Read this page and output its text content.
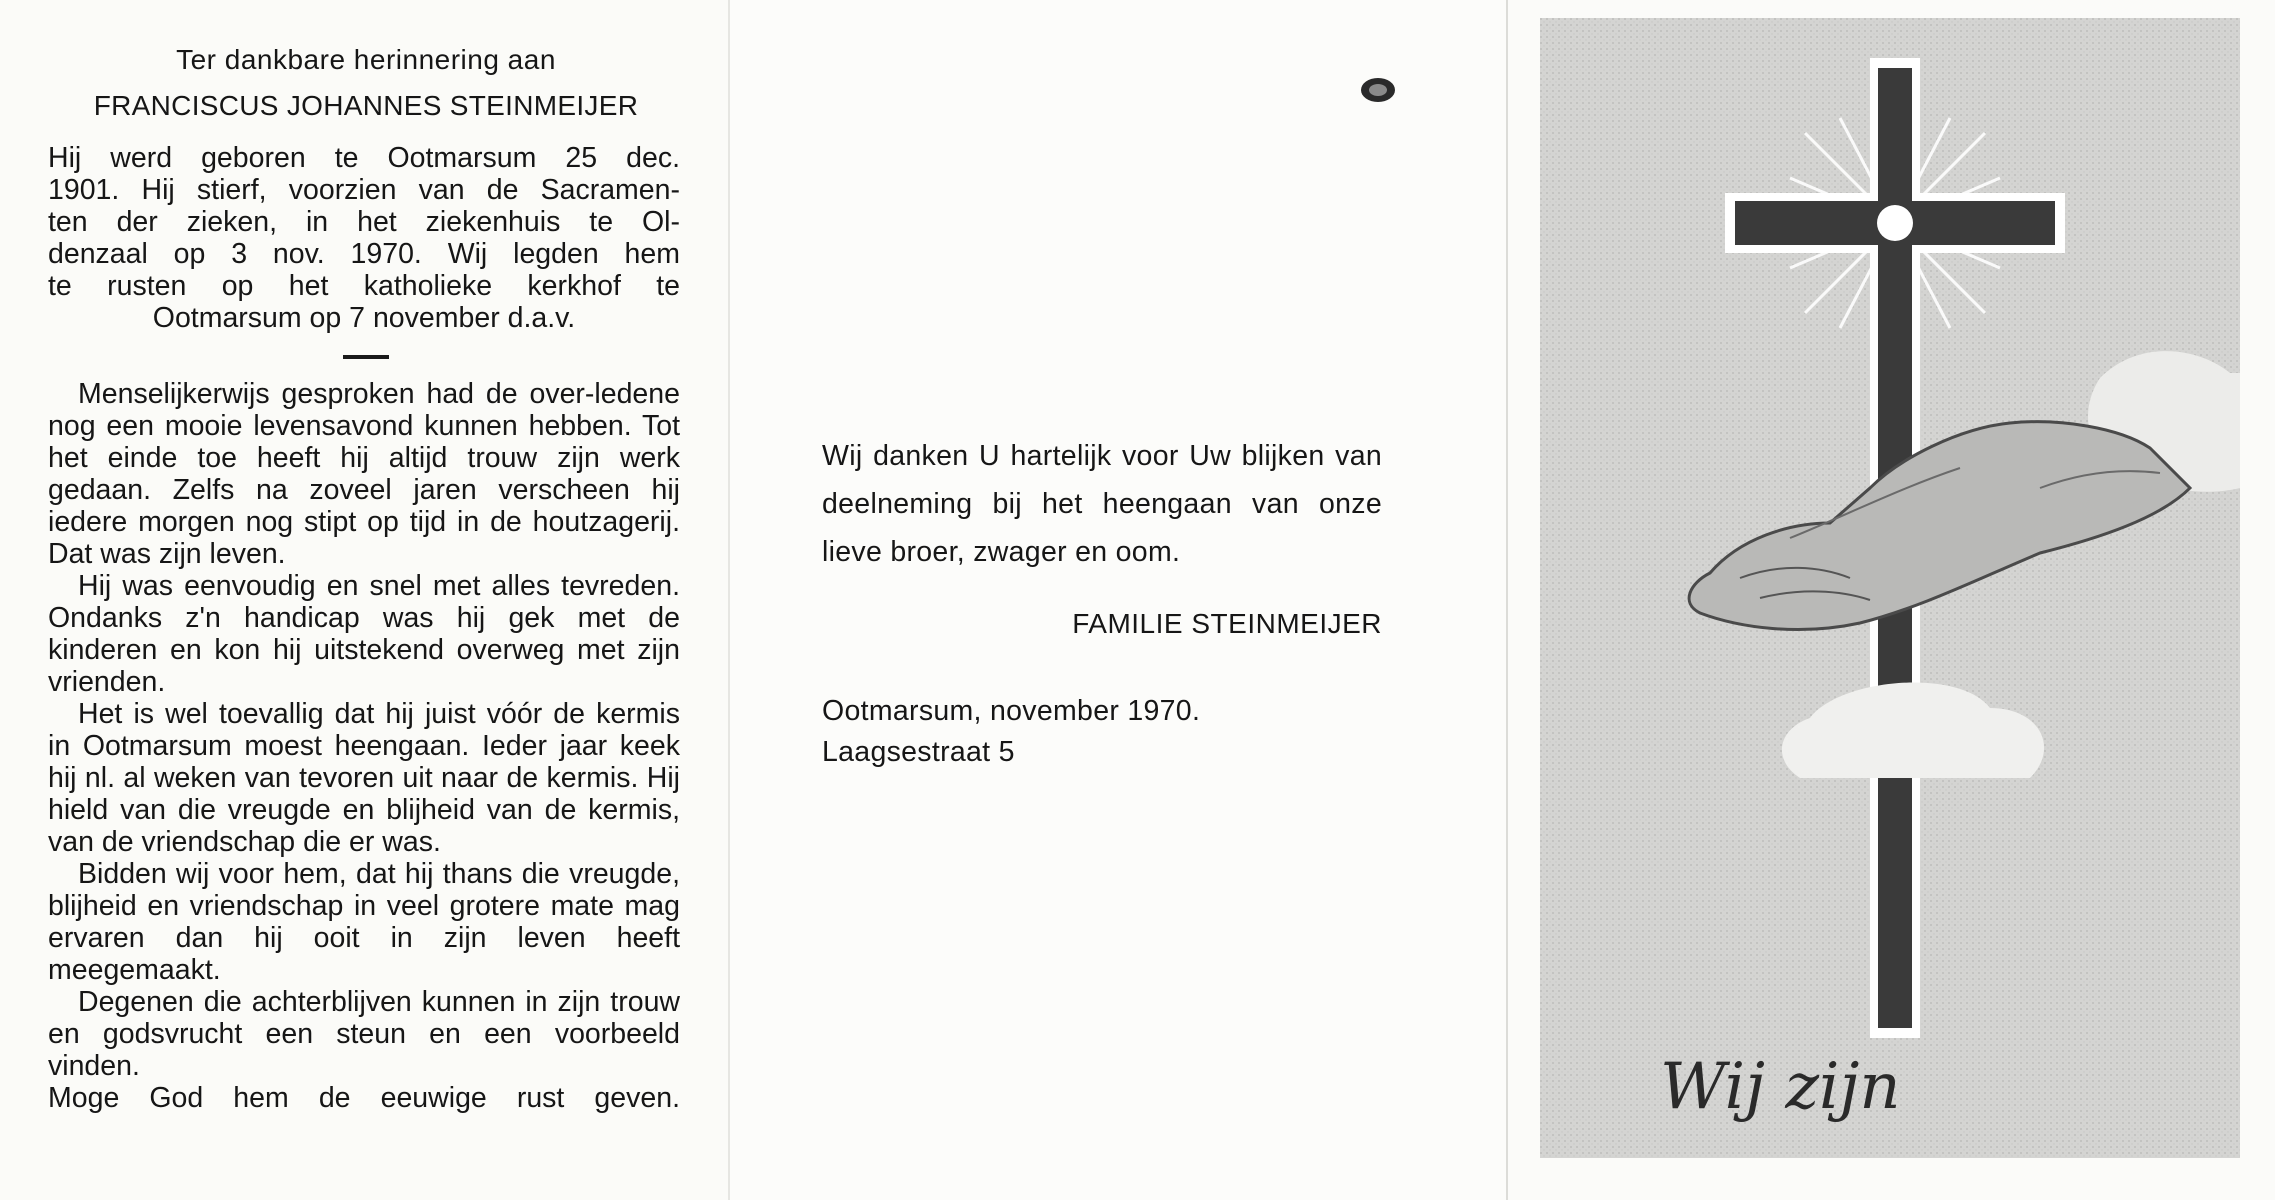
Ter dankbare herinnering aan
FRANCISCUS JOHANNES STEINMEIJER
Hij werd geboren te Ootmarsum 25 dec.
1901. Hij stierf, voorzien van de Sacramen-
ten der zieken, in het ziekenhuis te Ol-
denzaal op 3 nov. 1970. Wij legden hem
te rusten op het katholieke kerkhof te
Ootmarsum op 7 november d.a.v.

Menselijkerwijs gesproken had de over-ledene nog een mooie levensavond kunnen hebben. Tot het einde toe heeft hij altijd trouw zijn werk gedaan. Zelfs na zoveel jaren verscheen hij iedere morgen nog stipt op tijd in de houtzagerij. Dat was zijn leven.

Hij was eenvoudig en snel met alles tevreden. Ondanks z'n handicap was hij gek met de kinderen en kon hij uitstekend overweg met zijn vrienden.

Het is wel toevallig dat hij juist vóór de kermis in Ootmarsum moest heengaan. Ieder jaar keek hij nl. al weken van tevoren uit naar de kermis. Hij hield van die vreugde en blijheid van de kermis, van de vriendschap die er was.

Bidden wij voor hem, dat hij thans die vreugde, blijheid en vriendschap in veel grotere mate mag ervaren dan hij ooit in zijn leven heeft meegemaakt.

Degenen die achterblijven kunnen in zijn trouw en godsvrucht een steun en een voorbeeld vinden.

Moge God hem de eeuwige rust geven.

Wij danken U hartelijk voor Uw blijken van deelneming bij het heengaan van onze lieve broer, zwager en oom.
FAMILIE STEINMEIJER
Ootmarsum, november 1970.
Laagsestraat 5
Wij zijn
